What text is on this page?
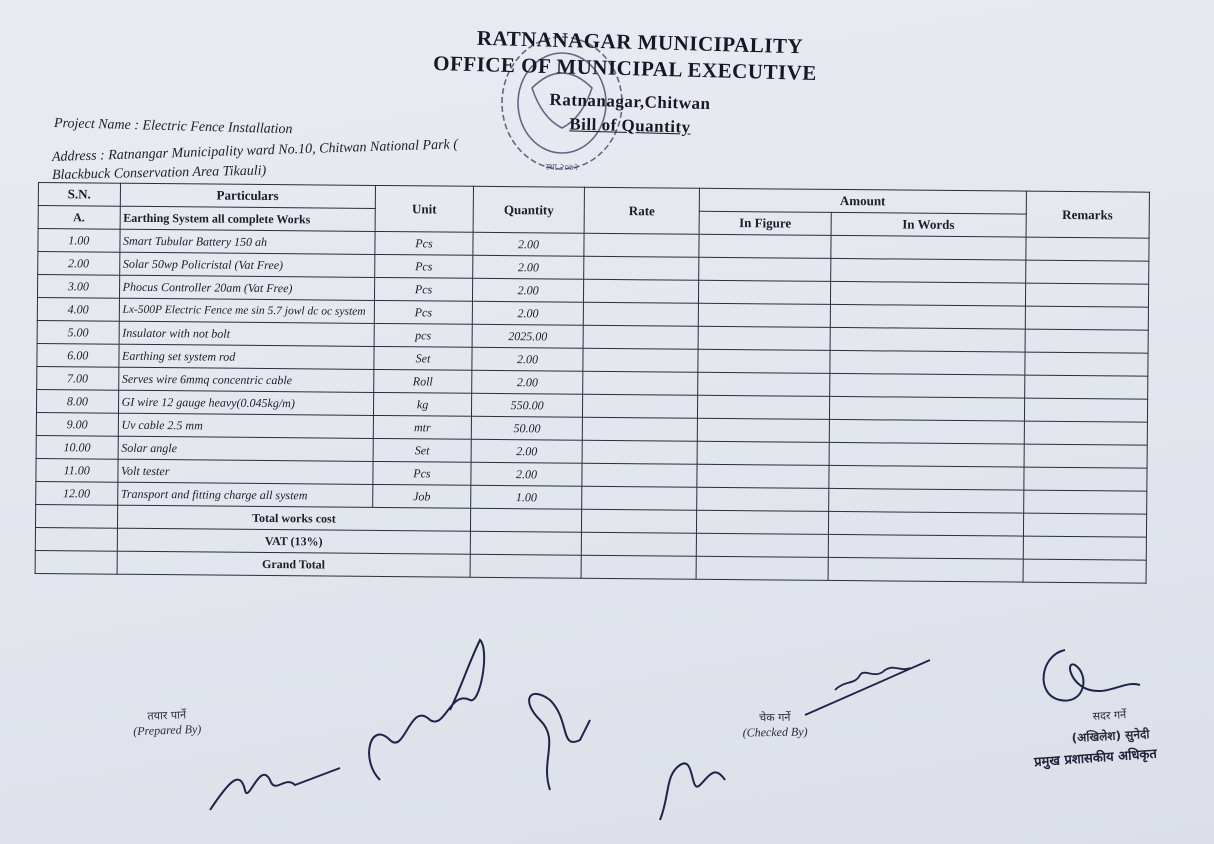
स्था २०७२
RATNANAGAR MUNICIPALITY
OFFICE OF MUNICIPAL EXECUTIVE
Ratnanagar,Chitwan
Bill of Quantity
Project Name : Electric Fence Installation
Address : Ratnangar Municipality ward No.10, Chitwan National Park (
Blackbuck Conservation Area Tikauli)
S.N.	Particulars	Unit	Quantity	Rate	Amount		Remarks
A.	Earthing System all complete Works				In Figure	In Words	
1.00	Smart Tubular Battery 150 ah	Pcs	2.00				
2.00	Solar 50wp Policristal (Vat Free)	Pcs	2.00				
3.00	Phocus Controller 20am (Vat Free)	Pcs	2.00				
4.00	Lx-500P Electric Fence me sin 5.7 jowl dc oc system	Pcs	2.00				
5.00	Insulator with not bolt	pcs	2025.00				
6.00	Earthing set system rod	Set	2.00				
7.00	Serves wire 6mmq concentric cable	Roll	2.00				
8.00	GI wire 12 gauge heavy(0.045kg/m)	kg	550.00				
9.00	Uv cable 2.5 mm	mtr	50.00				
10.00	Solar angle	Set	2.00				
11.00	Volt tester	Pcs	2.00				
12.00	Transport and fitting charge all system	Job	1.00				
	Total works cost						
	VAT (13%)						
	Grand Total						
तयार पार्ने
(Prepared By)
चेक गर्ने
(Checked By)
सदर गर्ने
(अखिलेश) सुनेदी
प्रमुख प्रशासकीय अधिकृत
